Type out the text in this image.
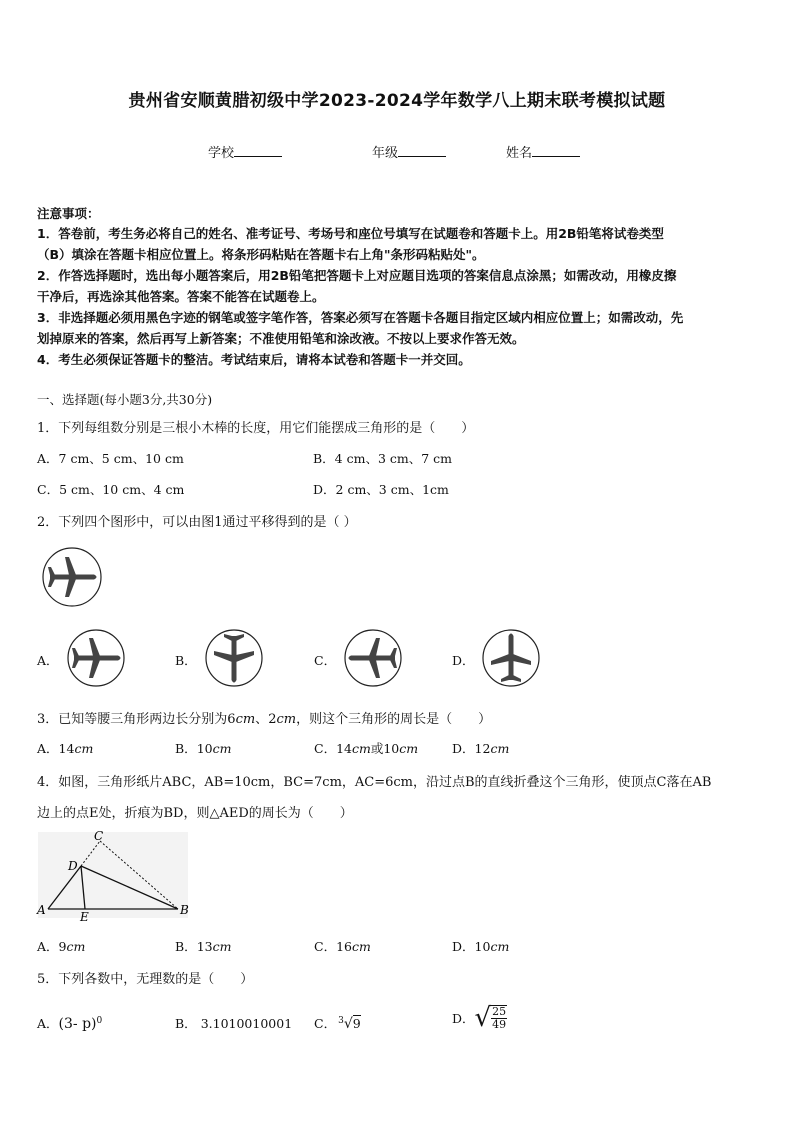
贵州省安顺黄腊初级中学2023-2024学年数学八上期末联考模拟试题
学校	年级	姓名
注意事项：
1．答卷前，考生务必将自己的姓名、准考证号、考场号和座位号填写在试题卷和答题卡上。用2B铅笔将试卷类型
（B）填涂在答题卡相应位置上。将条形码粘贴在答题卡右上角"条形码粘贴处"。
2．作答选择题时，选出每小题答案后，用2B铅笔把答题卡上对应题目选项的答案信息点涂黑；如需改动，用橡皮擦
干净后，再选涂其他答案。答案不能答在试题卷上。
3．非选择题必须用黑色字迹的钢笔或签字笔作答，答案必须写在答题卡各题目指定区域内相应位置上；如需改动，先
划掉原来的答案，然后再写上新答案；不准使用铅笔和涂改液。不按以上要求作答无效。
4．考生必须保证答题卡的整洁。考试结束后，请将本试卷和答题卡一并交回。
一、选择题(每小题3分,共30分)
1．下列每组数分别是三根小木棒的长度，用它们能摆成三角形的是（　　）
A．7 cm、5 cm、10 cm	B．4 cm、3 cm、7 cm
C．5 cm、10 cm、4 cm	D．2 cm、3 cm、1cm
2．下列四个图形中，可以由图1通过平移得到的是（ ）
A．	B．	C．	D．
3．已知等腰三角形两边长分别为6cm、2cm，则这个三角形的周长是（　　）
A．14cm	B．10cm	C．14cm或10cm	D．12cm
4．如图，三角形纸片ABC，AB=10cm，BC=7cm，AC=6cm，沿过点B的直线折叠这个三角形，使顶点C落在AB
边上的点E处，折痕为BD，则△AED的周长为（　　）
C
D
A	B
E
A．9cm	B．13cm	C．16cm	D．10cm
5．下列各数中，无理数的是（　　）
A．(3- p)$^0$	B． 3.1010010001 C． $^3$√9	D．√ $\frac{25}{49}$
